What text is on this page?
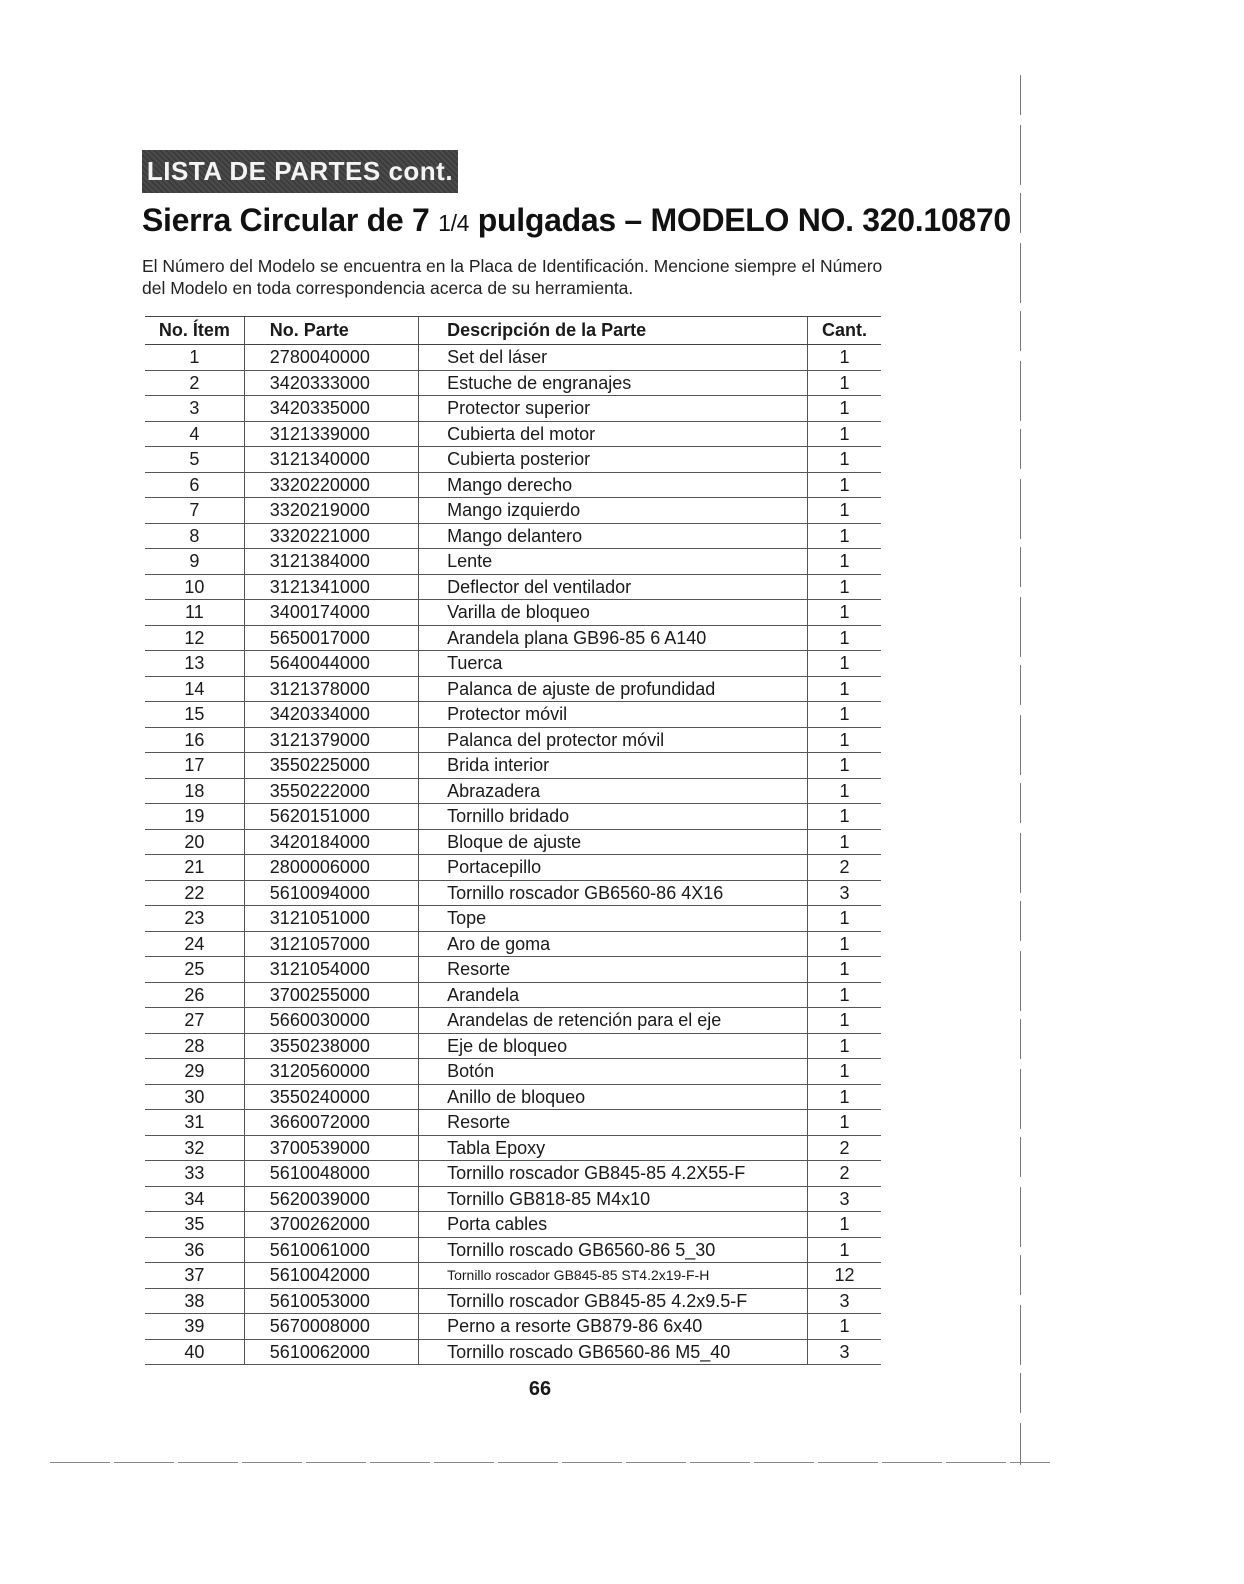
LISTA DE PARTES cont.
Sierra Circular de 7 1/4 pulgadas – MODELO NO. 320.10870

El Número del Modelo se encuentra en la Placa de Identificación. Mencione siempre el Número del Modelo en toda correspondencia acerca de su herramienta.

No. Ítem	No. Parte	Descripción de la Parte	Cant.
1	2780040000	Set del láser	1
2	3420333000	Estuche de engranajes	1
3	3420335000	Protector superior	1
4	3121339000	Cubierta del motor	1
5	3121340000	Cubierta posterior	1
6	3320220000	Mango derecho	1
7	3320219000	Mango izquierdo	1
8	3320221000	Mango delantero	1
9	3121384000	Lente	1
10	3121341000	Deflector del ventilador	1
11	3400174000	Varilla de bloqueo	1
12	5650017000	Arandela plana GB96-85 6 A140	1
13	5640044000	Tuerca	1
14	3121378000	Palanca de ajuste de profundidad	1
15	3420334000	Protector móvil	1
16	3121379000	Palanca del protector móvil	1
17	3550225000	Brida interior	1
18	3550222000	Abrazadera	1
19	5620151000	Tornillo bridado	1
20	3420184000	Bloque de ajuste	1
21	2800006000	Portacepillo	2
22	5610094000	Tornillo roscador GB6560-86 4X16	3
23	3121051000	Tope	1
24	3121057000	Aro de goma	1
25	3121054000	Resorte	1
26	3700255000	Arandela	1
27	5660030000	Arandelas de retención para el eje	1
28	3550238000	Eje de bloqueo	1
29	3120560000	Botón	1
30	3550240000	Anillo de bloqueo	1
31	3660072000	Resorte	1
32	3700539000	Tabla Epoxy	2
33	5610048000	Tornillo roscador GB845-85 4.2X55-F	2
34	5620039000	Tornillo GB818-85 M4x10	3
35	3700262000	Porta cables	1
36	5610061000	Tornillo roscado GB6560-86 5_30	1
37	5610042000	Tornillo roscador GB845-85 ST4.2x19-F-H	12
38	5610053000	Tornillo roscador GB845-85 4.2x9.5-F	3
39	5670008000	Perno a resorte GB879-86 6x40	1
40	5610062000	Tornillo roscado GB6560-86 M5_40	3
66
